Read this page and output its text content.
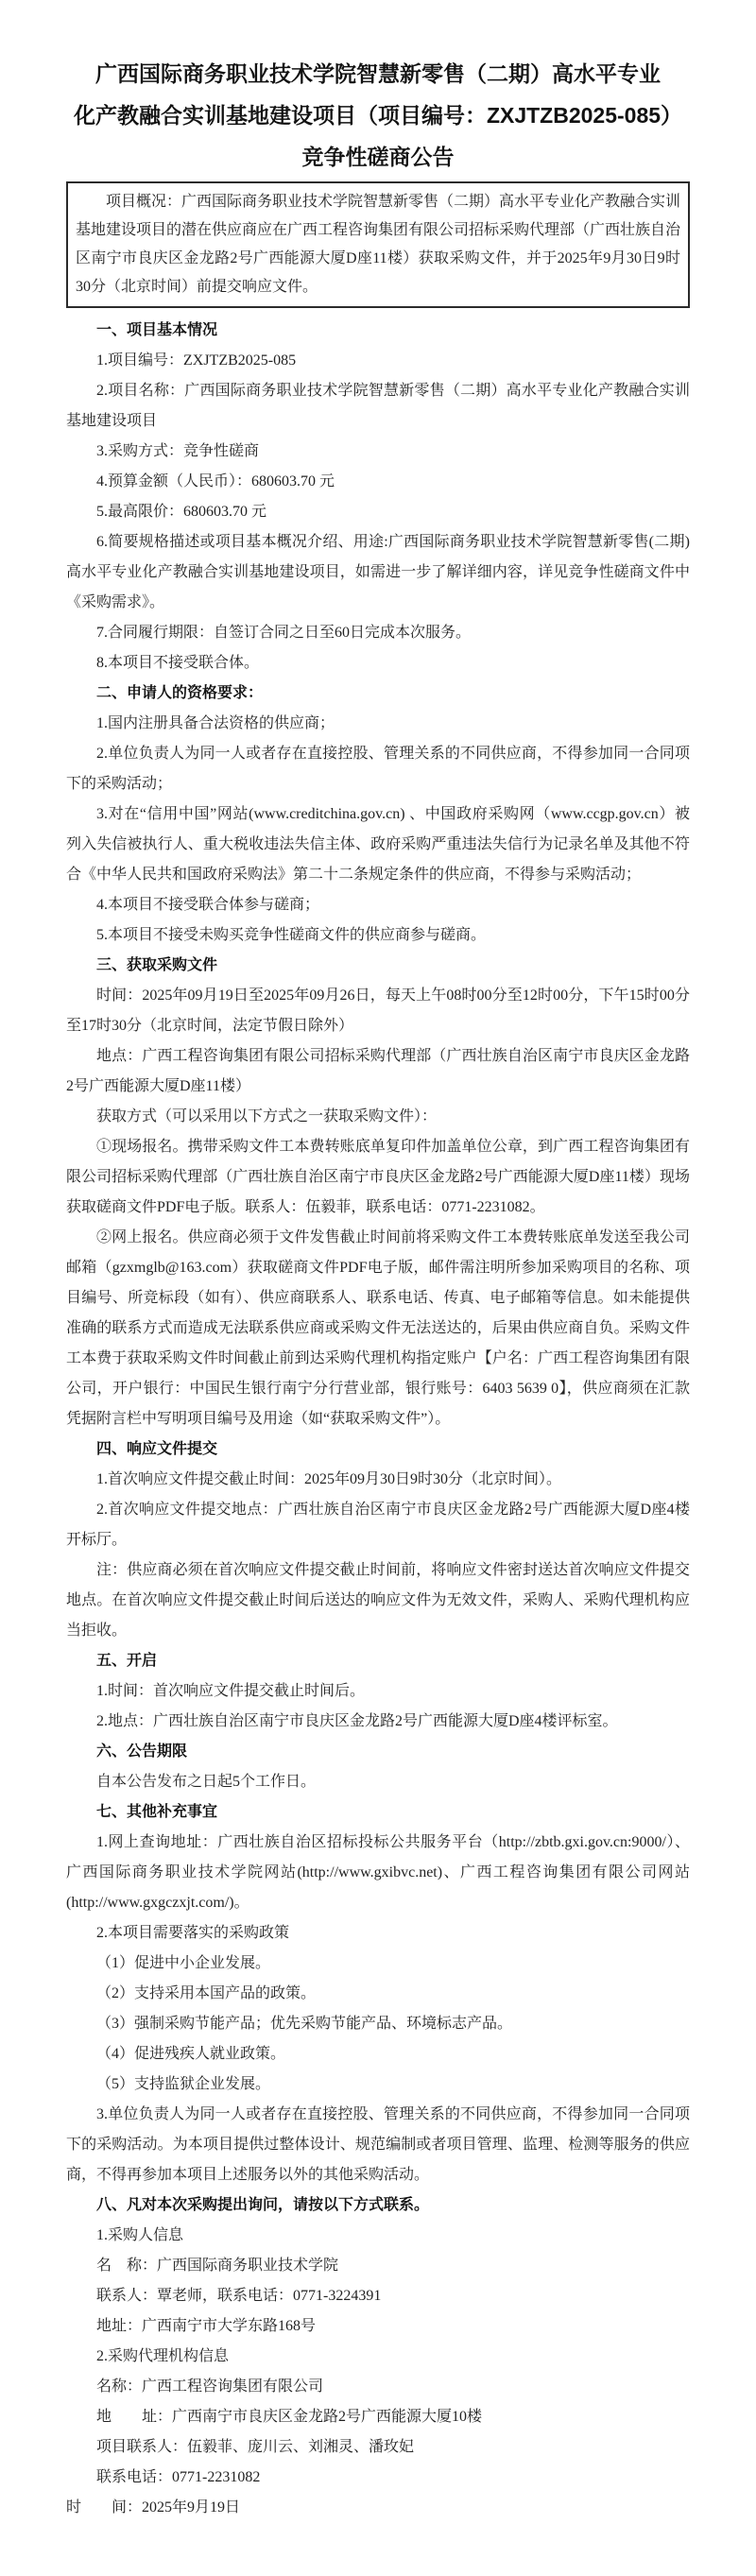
广西国际商务职业技术学院智慧新零售（二期）高水平专业
化产教融合实训基地建设项目（项目编号：ZXJTZB2025-085）
竞争性磋商公告

项目概况：广西国际商务职业技术学院智慧新零售（二期）高水平专业化产教融合实训基地建设项目的潜在供应商应在广西工程咨询集团有限公司招标采购代理部（广西壮族自治区南宁市良庆区金龙路2号广西能源大厦D座11楼）获取采购文件，并于2025年9月30日9时30分（北京时间）前提交响应文件。

一、项目基本情况

1.项目编号：ZXJTZB2025-085

2.项目名称：广西国际商务职业技术学院智慧新零售（二期）高水平专业化产教融合实训基地建设项目

3.采购方式：竞争性磋商

4.预算金额（人民币）：680603.70 元

5.最高限价：680603.70 元

6.简要规格描述或项目基本概况介绍、用途:广西国际商务职业技术学院智慧新零售(二期)高水平专业化产教融合实训基地建设项目，如需进一步了解详细内容，详见竞争性磋商文件中《采购需求》。

7.合同履行期限：自签订合同之日至60日完成本次服务。

8.本项目不接受联合体。

二、申请人的资格要求：

1.国内注册具备合法资格的供应商；

2.单位负责人为同一人或者存在直接控股、管理关系的不同供应商，不得参加同一合同项下的采购活动；

3.对在“信用中国”网站(www.creditchina.gov.cn) 、中国政府采购网（www.ccgp.gov.cn）被列入失信被执行人、重大税收违法失信主体、政府采购严重违法失信行为记录名单及其他不符合《中华人民共和国政府采购法》第二十二条规定条件的供应商，不得参与采购活动；

4.本项目不接受联合体参与磋商；

5.本项目不接受未购买竞争性磋商文件的供应商参与磋商。

三、获取采购文件

时间：2025年09月19日至2025年09月26日，每天上午08时00分至12时00分，下午15时00分至17时30分（北京时间，法定节假日除外）

地点：广西工程咨询集团有限公司招标采购代理部（广西壮族自治区南宁市良庆区金龙路2号广西能源大厦D座11楼）

获取方式（可以采用以下方式之一获取采购文件）：

①现场报名。携带采购文件工本费转账底单复印件加盖单位公章，到广西工程咨询集团有限公司招标采购代理部（广西壮族自治区南宁市良庆区金龙路2号广西能源大厦D座11楼）现场获取磋商文件PDF电子版。联系人：伍毅菲，联系电话：0771-2231082。

②网上报名。供应商必须于文件发售截止时间前将采购文件工本费转账底单发送至我公司邮箱（gzxmglb@163.com）获取磋商文件PDF电子版，邮件需注明所参加采购项目的名称、项目编号、所竞标段（如有）、供应商联系人、联系电话、传真、电子邮箱等信息。如未能提供准确的联系方式而造成无法联系供应商或采购文件无法送达的，后果由供应商自负。采购文件工本费于获取采购文件时间截止前到达采购代理机构指定账户【户名：广西工程咨询集团有限公司，开户银行：中国民生银行南宁分行营业部，银行账号：6403 5639 0】，供应商须在汇款凭据附言栏中写明项目编号及用途（如“获取采购文件”）。

四、响应文件提交

1.首次响应文件提交截止时间：2025年09月30日9时30分（北京时间）。

2.首次响应文件提交地点：广西壮族自治区南宁市良庆区金龙路2号广西能源大厦D座4楼开标厅。

注：供应商必须在首次响应文件提交截止时间前，将响应文件密封送达首次响应文件提交地点。在首次响应文件提交截止时间后送达的响应文件为无效文件，采购人、采购代理机构应当拒收。

五、开启

1.时间：首次响应文件提交截止时间后。

2.地点：广西壮族自治区南宁市良庆区金龙路2号广西能源大厦D座4楼评标室。

六、公告期限

自本公告发布之日起5个工作日。

七、其他补充事宜

1.网上查询地址：广西壮族自治区招标投标公共服务平台（http://zbtb.gxi.gov.cn:9000/）、广西国际商务职业技术学院网站(http://www.gxibvc.net)、广西工程咨询集团有限公司网站(http://www.gxgczxjt.com/)。

2.本项目需要落实的采购政策

（1）促进中小企业发展。

（2）支持采用本国产品的政策。

（3）强制采购节能产品；优先采购节能产品、环境标志产品。

（4）促进残疾人就业政策。

（5）支持监狱企业发展。

3.单位负责人为同一人或者存在直接控股、管理关系的不同供应商，不得参加同一合同项下的采购活动。为本项目提供过整体设计、规范编制或者项目管理、监理、检测等服务的供应商，不得再参加本项目上述服务以外的其他采购活动。

八、凡对本次采购提出询问，请按以下方式联系。

1.采购人信息

名　称：广西国际商务职业技术学院

联系人：覃老师，联系电话：0771-3224391

地址：广西南宁市大学东路168号

2.采购代理机构信息

名称：广西工程咨询集团有限公司

地　　址：广西南宁市良庆区金龙路2号广西能源大厦10楼

项目联系人：伍毅菲、庞川云、刘湘灵、潘玫妃

联系电话：0771-2231082

时　　间：2025年9月19日
